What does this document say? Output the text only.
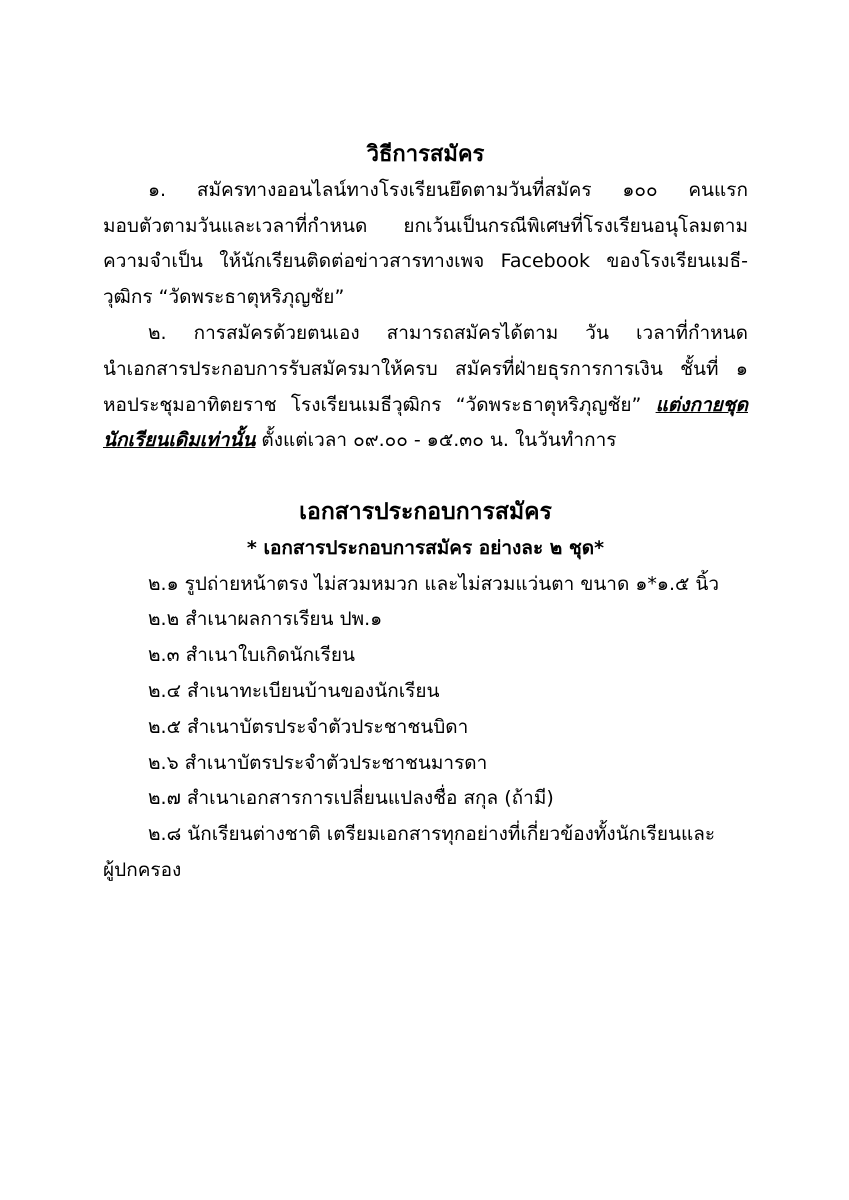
วิธีการสมัคร
๑. สมัครทางออนไลน์ทางโรงเรียนยึดตามวันที่สมัคร ๑๐๐ คนแรก
มอบตัวตามวันและเวลาที่กำหนด ยกเว้นเป็นกรณีพิเศษที่โรงเรียนอนุโลมตาม
ความจำเป็น ให้นักเรียนติดต่อข่าวสารทางเพจ Facebook ของโรงเรียนเมธี-
วุฒิกร “วัดพระธาตุหริภุญชัย”
๒. การสมัครด้วยตนเอง สามารถสมัครได้ตาม วัน เวลาที่กำหนด
นำเอกสารประกอบการรับสมัครมาให้ครบ สมัครที่ฝ่ายธุรการการเงิน ชั้นที่ ๑
หอประชุมอาทิตยราช โรงเรียนเมธีวุฒิกร “วัดพระธาตุหริภุญชัย” แต่งกายชุด
นักเรียนเดิมเท่านั้น ตั้งแต่เวลา ๐๙.๐๐ - ๑๕.๓๐ น. ในวันทำการ
เอกสารประกอบการสมัคร
* เอกสารประกอบการสมัคร อย่างละ ๒ ชุด*
๒.๑ รูปถ่ายหน้าตรง ไม่สวมหมวก และไม่สวมแว่นตา ขนาด ๑*๑.๕ นิ้ว
๒.๒ สำเนาผลการเรียน ปพ.๑
๒.๓ สำเนาใบเกิดนักเรียน
๒.๔ สำเนาทะเบียนบ้านของนักเรียน
๒.๕ สำเนาบัตรประจำตัวประชาชนบิดา
๒.๖ สำเนาบัตรประจำตัวประชาชนมารดา
๒.๗ สำเนาเอกสารการเปลี่ยนแปลงชื่อ สกุล (ถ้ามี)
๒.๘ นักเรียนต่างชาติ เตรียมเอกสารทุกอย่างที่เกี่ยวข้องทั้งนักเรียนและ
ผู้ปกครอง
